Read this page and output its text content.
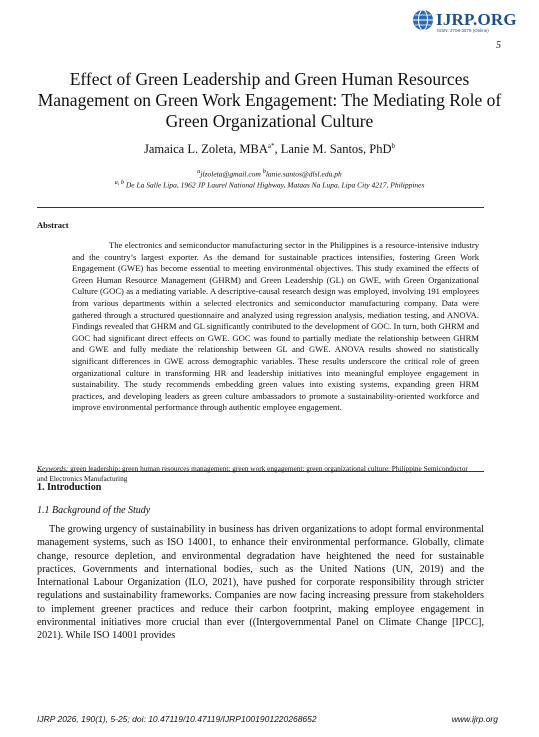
IJRP.ORG
ISSN: 2708-3578 (Online)
5
Effect of Green Leadership and Green Human Resources Management on Green Work Engagement: The Mediating Role of Green Organizational Culture
Jamaica L. Zoleta, $MBA^{a*}$, Lanie M. Santos, PhD$^b$
$^a$jlzoleta@gmail.com $^b$lanie.santos@dlsl.edu.ph
$^{a, b}$ De La Salle Lipa, 1962 JP Laurel National Highway, Mataas Na Lupa, Lipa City 4217, Philippines
Abstract

The electronics and semiconductor manufacturing sector in the Philippines is a resource-intensive industry and the country’s largest exporter. As the demand for sustainable practices intensifies, fostering Green Work Engagement (GWE) has become essential to meeting environmental objectives. This study examined the effects of Green Human Resource Management (GHRM) and Green Leadership (GL) on GWE, with Green Organizational Culture (GOC) as a mediating variable. A descriptive-causal research design was employed, involving 191 employees from various departments within a selected electronics and semiconductor manufacturing company. Data were gathered through a structured questionnaire and analyzed using regression analysis, mediation testing, and ANOVA. Findings revealed that GHRM and GL significantly contributed to the development of GOC. In turn, both GHRM and GOC had significant direct effects on GWE. GOC was found to partially mediate the relationship between GHRM and GWE and fully mediate the relationship between GL and GWE. ANOVA results showed no statistically significant differences in GWE across demographic variables. These results underscore the critical role of green organizational culture in transforming HR and leadership initiatives into meaningful employee engagement in sustainability. The study recommends embedding green values into existing systems, expanding green HRM practices, and developing leaders as green culture ambassadors to promote a sustainability-oriented workforce and improve environmental performance through authentic employee engagement.

Keywords: green leadership; green human resources management; green work engagement; green organizational culture; Philippine Semiconductor and Electronics Manufacturing
1. Introduction
1.1 Background of the Study

The growing urgency of sustainability in business has driven organizations to adopt formal environmental management systems, such as ISO 14001, to enhance their environmental performance. Globally, climate change, resource depletion, and environmental degradation have heightened the need for sustainable practices. Governments and international bodies, such as the United Nations (UN, 2019) and the International Labour Organization (ILO, 2021), have pushed for corporate responsibility through stricter regulations and sustainability frameworks. Companies are now facing increasing pressure from stakeholders to implement greener practices and reduce their carbon footprint, making employee engagement in environmental initiatives more crucial than ever ((Intergovernmental Panel on Climate Change [IPCC], 2021). While ISO 14001 provides

IJRP 2026, 190(1), 5-25; doi: 10.47119/10.47119/IJRP1001901220268652	www.ijrp.org
